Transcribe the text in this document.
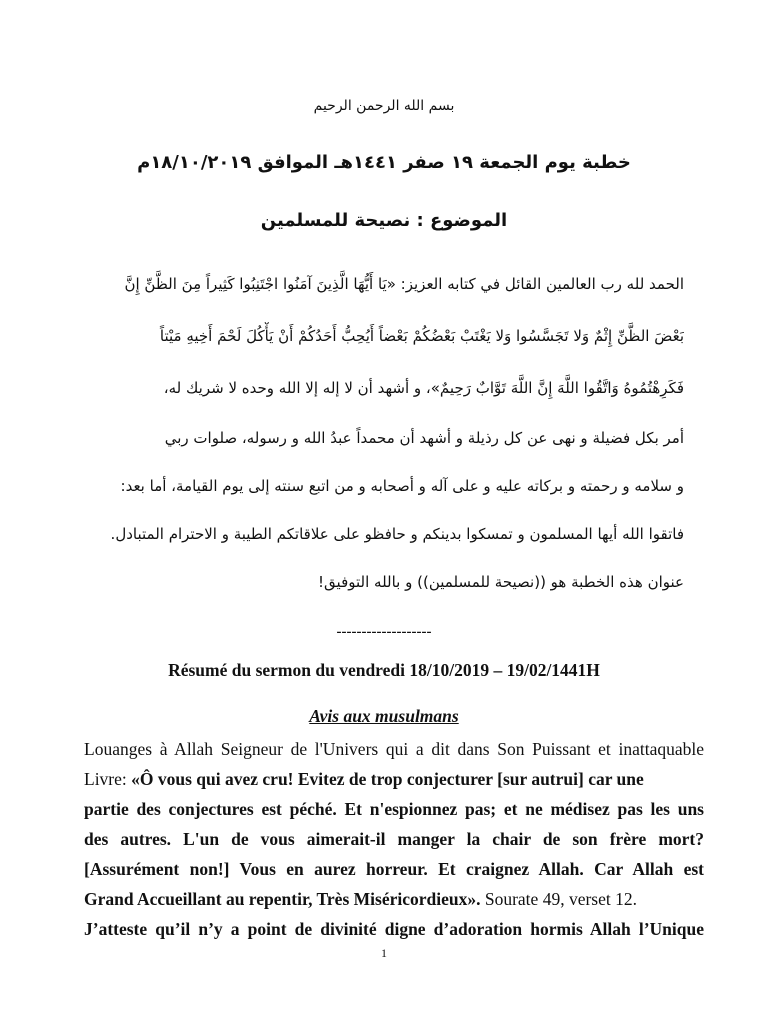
بسم الله الرحمن الرحيم
خطبة يوم الجمعة ١٩ صفر ١٤٤١هـ الموافق ١٨/١٠/٢٠١٩م
الموضوع : نصيحة للمسلمين
الحمد لله رب العالمين القائل في كتابه العزيز: «يَا أَيُّهَا الَّذِينَ آمَنُوا اجْتَنِبُوا كَثِيراً مِنَ الظَّنِّ إِنَّ
بَعْضَ الظَّنِّ إِثْمٌ وَلا تَجَسَّسُوا وَلا يَغْتَبْ بَعْضُكُمْ بَعْضاً أَيُحِبُّ أَحَدُكُمْ أَنْ يَأْكُلَ لَحْمَ أَخِيهِ مَيْتاً
فَكَرِهْتُمُوهُ وَاتَّقُوا اللَّهَ إِنَّ اللَّهَ تَوَّابٌ رَحِيمٌ»، و أشهد أن لا إله إلا الله وحده لا شريك له،
أمر بكل فضيلة و نهى عن كل رذيلة و أشهد أن محمداً عبدُ الله و رسوله، صلوات ربي
و سلامه و رحمته و بركاته عليه و على آله و أصحابه و من اتبع سنته إلى يوم القيامة، أما بعد:
فاتقوا الله أيها المسلمون و تمسكوا بدينكم و حافظو على علاقاتكم الطيبة و الاحترام المتبادل.
عنوان هذه الخطبة هو ((نصيحة للمسلمين)) و بالله التوفيق!
-------------------
Résumé du sermon du vendredi 18/10/2019 – 19/02/1441H
Avis aux musulmans
Louanges à Allah Seigneur de l'Univers qui a dit dans Son Puissant et inattaquable
Livre: «Ô vous qui avez cru! Evitez de trop conjecturer [sur autrui] car une
partie des conjectures est péché. Et n'espionnez pas; et ne médisez pas les uns
des autres. L'un de vous aimerait-il manger la chair de son frère mort?
[Assurément non!] Vous en aurez horreur. Et craignez Allah. Car Allah est
Grand Accueillant au repentir, Très Miséricordieux». Sourate 49, verset 12.
J’atteste qu’il n’y a point de divinité digne d’adoration hormis Allah l’Unique
1
